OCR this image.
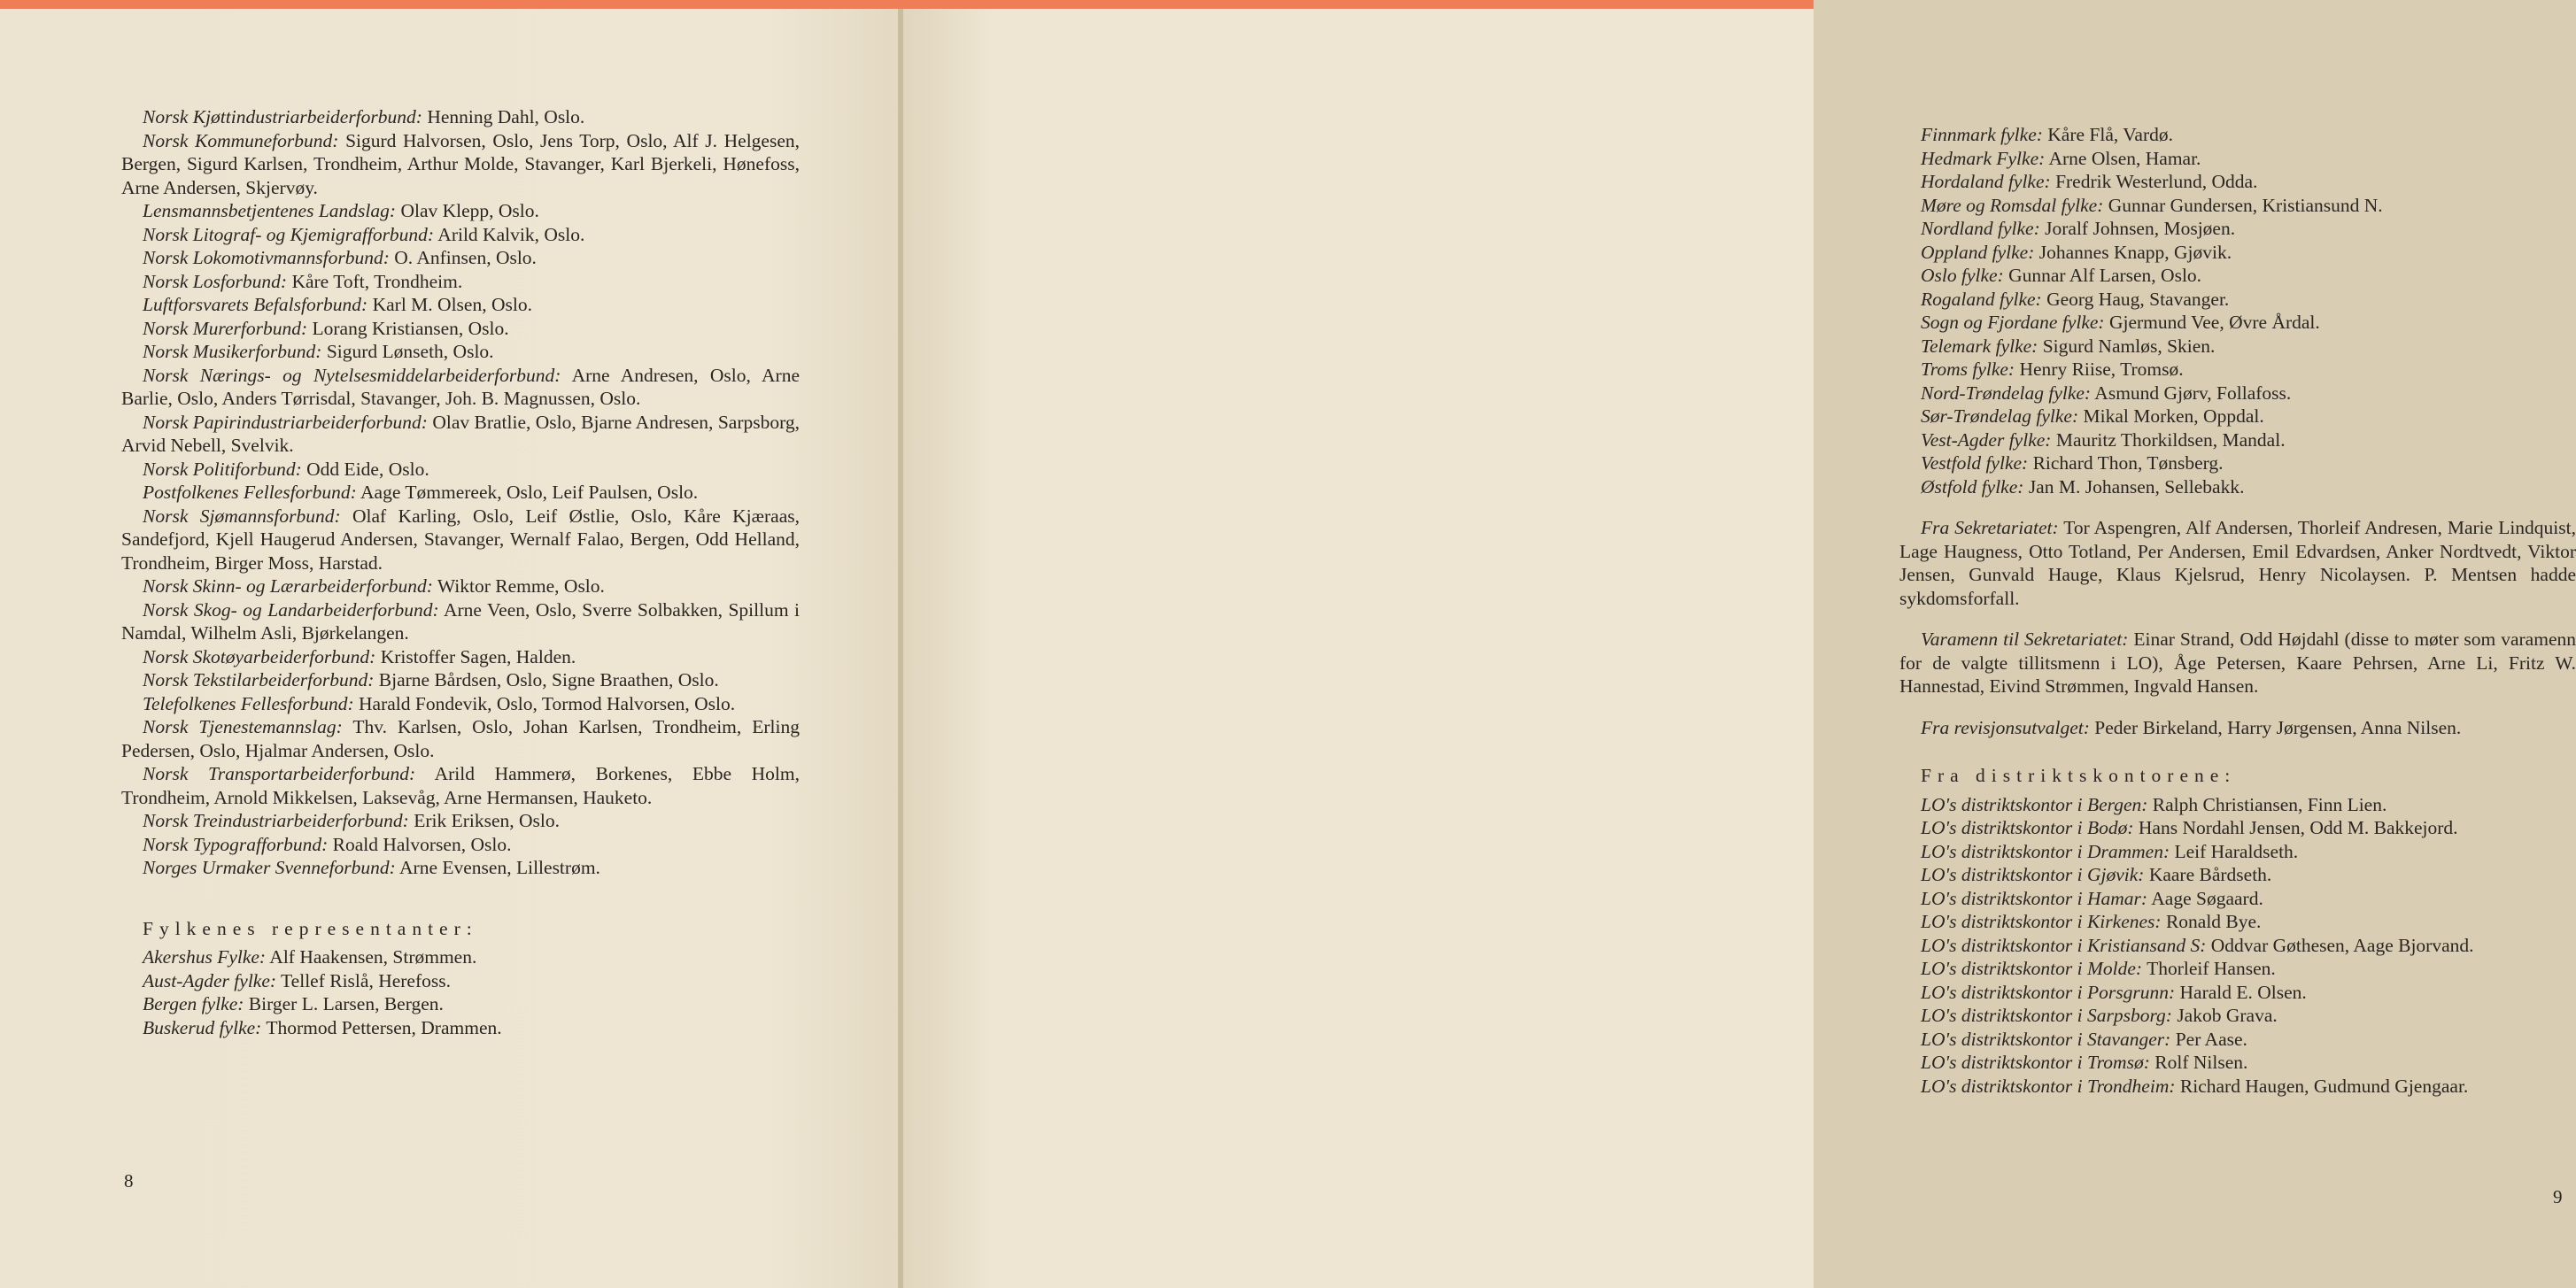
Norsk Kjøttindustriarbeiderforbund: Henning Dahl, Oslo.

Norsk Kommuneforbund: Sigurd Halvorsen, Oslo, Jens Torp, Oslo, Alf J. Helgesen, Bergen, Sigurd Karlsen, Trondheim, Arthur Molde, Stavanger, Karl Bjerkeli, Hønefoss, Arne Andersen, Skjervøy.

Lensmannsbetjentenes Landslag: Olav Klepp, Oslo.

Norsk Litograf- og Kjemigrafforbund: Arild Kalvik, Oslo.

Norsk Lokomotivmannsforbund: O. Anfinsen, Oslo.

Norsk Losforbund: Kåre Toft, Trondheim.

Luftforsvarets Befalsforbund: Karl M. Olsen, Oslo.

Norsk Murerforbund: Lorang Kristiansen, Oslo.

Norsk Musikerforbund: Sigurd Lønseth, Oslo.

Norsk Nærings- og Nytelsesmiddelarbeiderforbund: Arne Andresen, Oslo, Arne Barlie, Oslo, Anders Tørrisdal, Stavanger, Joh. B. Magnussen, Oslo.

Norsk Papirindustriarbeiderforbund: Olav Bratlie, Oslo, Bjarne Andresen, Sarpsborg, Arvid Nebell, Svelvik.

Norsk Politiforbund: Odd Eide, Oslo.

Postfolkenes Fellesforbund: Aage Tømmereek, Oslo, Leif Paulsen, Oslo.

Norsk Sjømannsforbund: Olaf Karling, Oslo, Leif Østlie, Oslo, Kåre Kjæraas, Sandefjord, Kjell Haugerud Andersen, Stavanger, Wernalf Falao, Bergen, Odd Helland, Trondheim, Birger Moss, Harstad.

Norsk Skinn- og Lærarbeiderforbund: Wiktor Remme, Oslo.

Norsk Skog- og Landarbeiderforbund: Arne Veen, Oslo, Sverre Solbakken, Spillum i Namdal, Wilhelm Asli, Bjørkelangen.

Norsk Skotøyarbeiderforbund: Kristoffer Sagen, Halden.

Norsk Tekstilarbeiderforbund: Bjarne Bårdsen, Oslo, Signe Braathen, Oslo.

Telefolkenes Fellesforbund: Harald Fondevik, Oslo, Tormod Halvorsen, Oslo.

Norsk Tjenestemannslag: Thv. Karlsen, Oslo, Johan Karlsen, Trondheim, Erling Pedersen, Oslo, Hjalmar Andersen, Oslo.

Norsk Transportarbeiderforbund: Arild Hammerø, Borkenes, Ebbe Holm, Trondheim, Arnold Mikkelsen, Laksevåg, Arne Hermansen, Hauketo.

Norsk Treindustriarbeiderforbund: Erik Eriksen, Oslo.

Norsk Typografforbund: Roald Halvorsen, Oslo.

Norges Urmaker Svenneforbund: Arne Evensen, Lillestrøm.

Fylkenes representanter:

Akershus Fylke: Alf Haakensen, Strømmen.

Aust-Agder fylke: Tellef Rislå, Herefoss.

Bergen fylke: Birger L. Larsen, Bergen.

Buskerud fylke: Thormod Pettersen, Drammen.

8

Finnmark fylke: Kåre Flå, Vardø.

Hedmark Fylke: Arne Olsen, Hamar.

Hordaland fylke: Fredrik Westerlund, Odda.

Møre og Romsdal fylke: Gunnar Gundersen, Kristiansund N.

Nordland fylke: Joralf Johnsen, Mosjøen.

Oppland fylke: Johannes Knapp, Gjøvik.

Oslo fylke: Gunnar Alf Larsen, Oslo.

Rogaland fylke: Georg Haug, Stavanger.

Sogn og Fjordane fylke: Gjermund Vee, Øvre Årdal.

Telemark fylke: Sigurd Namløs, Skien.

Troms fylke: Henry Riise, Tromsø.

Nord-Trøndelag fylke: Asmund Gjørv, Follafoss.

Sør-Trøndelag fylke: Mikal Morken, Oppdal.

Vest-Agder fylke: Mauritz Thorkildsen, Mandal.

Vestfold fylke: Richard Thon, Tønsberg.

Østfold fylke: Jan M. Johansen, Sellebakk.

Fra Sekretariatet: Tor Aspengren, Alf Andersen, Thorleif Andresen, Marie Lindquist, Lage Haugness, Otto Totland, Per Andersen, Emil Edvardsen, Anker Nordtvedt, Viktor Jensen, Gunvald Hauge, Klaus Kjelsrud, Henry Nicolaysen. P. Mentsen hadde sykdomsforfall.

Varamenn til Sekretariatet: Einar Strand, Odd Højdahl (disse to møter som varamenn for de valgte tillitsmenn i LO), Åge Petersen, Kaare Pehrsen, Arne Li, Fritz W. Hannestad, Eivind Strømmen, Ingvald Hansen.

Fra revisjonsutvalget: Peder Birkeland, Harry Jørgensen, Anna Nilsen.

Fra distriktskontorene:

LO's distriktskontor i Bergen: Ralph Christiansen, Finn Lien.

LO's distriktskontor i Bodø: Hans Nordahl Jensen, Odd M. Bakkejord.

LO's distriktskontor i Drammen: Leif Haraldseth.

LO's distriktskontor i Gjøvik: Kaare Bårdseth.

LO's distriktskontor i Hamar: Aage Søgaard.

LO's distriktskontor i Kirkenes: Ronald Bye.

LO's distriktskontor i Kristiansand S: Oddvar Gøthesen, Aage Bjorvand.

LO's distriktskontor i Molde: Thorleif Hansen.

LO's distriktskontor i Porsgrunn: Harald E. Olsen.

LO's distriktskontor i Sarpsborg: Jakob Grava.

LO's distriktskontor i Stavanger: Per Aase.

LO's distriktskontor i Tromsø: Rolf Nilsen.

LO's distriktskontor i Trondheim: Richard Haugen, Gudmund Gjengaar.

9
